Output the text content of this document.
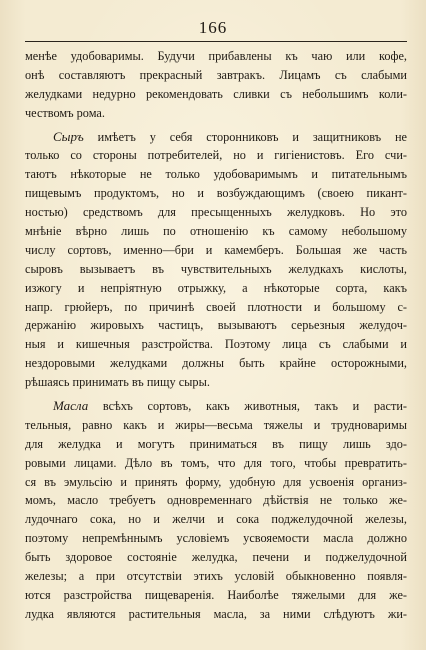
166
менѣе удобоваримы. Будучи прибавлены къ чаю или кофе,
онѣ составляютъ прекрасный завтракъ. Лицамъ съ слабыми
желудками недурно рекомендовать сливки съ небольшимъ коли-
чествомъ рома.
Сыръ имѣетъ у себя сторонниковъ и защитниковъ не
только со стороны потребителей, но и гигіенистовъ. Его счи-
таютъ нѣкоторые не только удобоваримымъ и питательнымъ
пищевымъ продуктомъ, но и возбуждающимъ (своею пикант-
ностью) средствомъ для пресыщенныхъ желудковъ. Но это
мнѣніе вѣрно лишь по отношенію къ самому небольшому
числу сортовъ, именно—бри и камемберъ. Большая же часть
сыровъ вызываетъ въ чувствительныхъ желудкахъ кислоты,
изжогу и непріятную отрыжку, а нѣкоторые сорта, какъ
напр. грюйеръ, по причинѣ своей плотности и большому с-
держанію жировыхъ частицъ, вызываютъ серьезныя желудоч-
ныя и кишечныя разстройства. Поэтому лица съ слабыми и
нездоровыми желудками должны быть крайне осторожными,
рѣшаясь принимать въ пищу сыры.
Масла всѣхъ сортовъ, какъ животныя, такъ и расти-
тельныя, равно какъ и жиры—весьма тяжелы и трудноваримы
для желудка и могутъ приниматься въ пищу лишь здо-
ровыми лицами. Дѣло въ томъ, что для того, чтобы превратить-
ся въ эмульсію и принять форму, удобную для усвоенія организ-
момъ, масло требуетъ одновременнаго дѣйствія не только же-
лудочнаго сока, но и желчи и сока поджелудочной железы,
поэтому непремѣннымъ условіемъ усвояемости масла должно
быть здоровое состояніе желудка, печени и поджелудочной
железы; а при отсутствіи этихъ условій обыкновенно появля-
ются разстройства пищеваренія. Наиболѣе тяжелыми для же-
лудка являются растительныя масла, за ними слѣдуютъ жи-
